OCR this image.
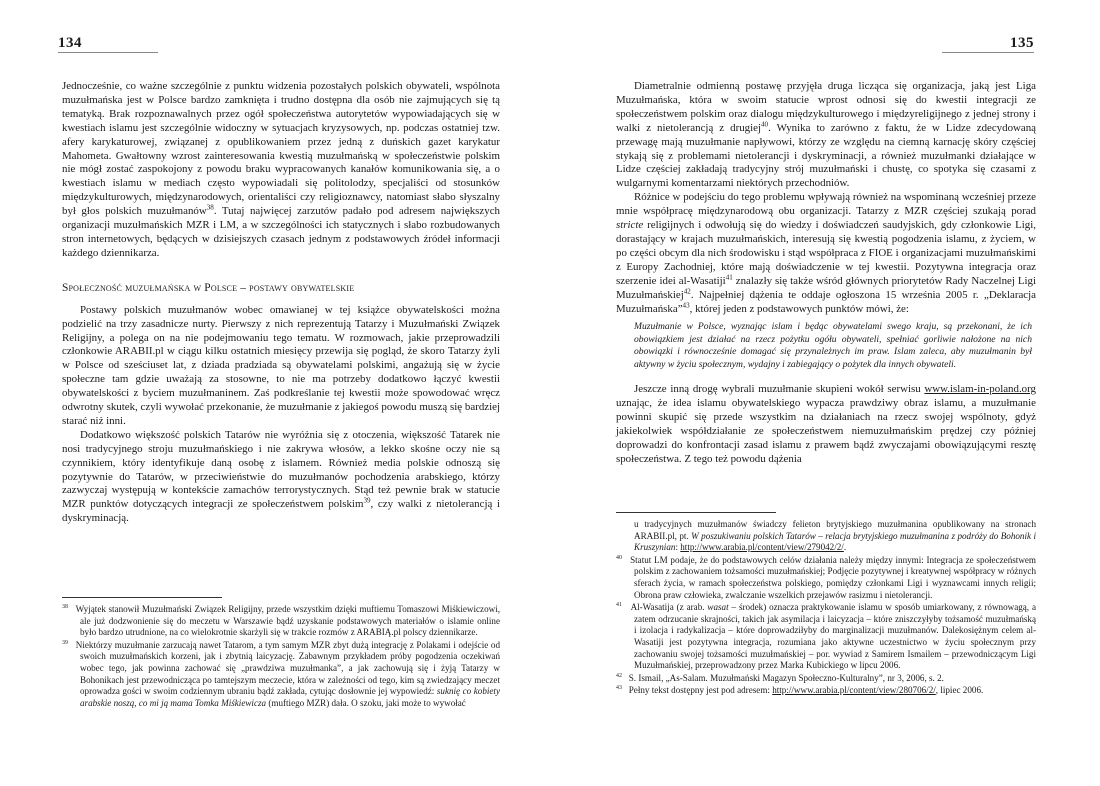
134

Jednocześnie, co ważne szczególnie z punktu widzenia pozostałych polskich obywateli, wspólnota muzułmańska jest w Polsce bardzo zamknięta i trudno dostępna dla osób nie zajmujących się tą tematyką. Brak rozpoznawalnych przez ogół społeczeństwa autorytetów wypowiadających się w kwestiach islamu jest szczególnie widoczny w sytuacjach kryzysowych, np. podczas ostatniej tzw. afery karykaturowej, związanej z opublikowaniem przez jedną z duńskich gazet karykatur Mahometa. Gwałtowny wzrost zainteresowania kwestią muzułmańską w społeczeństwie polskim nie mógł zostać zaspokojony z powodu braku wypracowanych kanałów komunikowania się, a o kwestiach islamu w mediach często wypowiadali się politolodzy, specjaliści od stosunków międzykulturowych, międzynarodowych, orientaliści czy religioznawcy, natomiast słabo słyszalny był głos polskich muzułmanów$^{38}$. Tutaj najwięcej zarzutów padało pod adresem największych organizacji muzułmańskich MZR i LM, a w szczególności ich statycznych i słabo rozbudowanych stron internetowych, będących w dzisiejszych czasach jednym z podstawowych źródeł informacji każdego dziennikarza.

Społeczność muzułmańska w Polsce – postawy obywatelskie

Postawy polskich muzułmanów wobec omawianej w tej książce obywatelskości można podzielić na trzy zasadnicze nurty. Pierwszy z nich reprezentują Tatarzy i Muzułmański Związek Religijny, a polega on na nie podejmowaniu tego tematu. W rozmowach, jakie przeprowadzili członkowie ARABII.pl w ciągu kilku ostatnich miesięcy przewija się pogląd, że skoro Tatarzy żyli w Polsce od sześciuset lat, z dziada pradziada są obywatelami polskimi, angażują się w życie społeczne tam gdzie uważają za stosowne, to nie ma potrzeby dodatkowo łączyć kwestii obywatelskości z byciem muzułmaninem. Zaś podkreślanie tej kwestii może spowodować wręcz odwrotny skutek, czyli wywołać przekonanie, że muzułmanie z jakiegoś powodu muszą się bardziej starać niż inni.

Dodatkowo większość polskich Tatarów nie wyróżnia się z otoczenia, większość Tatarek nie nosi tradycyjnego stroju muzułmańskiego i nie zakrywa włosów, a lekko skośne oczy nie są czynnikiem, który identyfikuje daną osobę z islamem. Również media polskie odnoszą się pozytywnie do Tatarów, w przeciwieństwie do muzułmanów pochodzenia arabskiego, którzy zazwyczaj występują w kontekście zamachów terrorystycznych. Stąd też pewnie brak w statucie MZR punktów dotyczących integracji ze społeczeństwem polskim$^{39}$, czy walki z nietolerancją i dyskryminacją.

$^{38}$ Wyjątek stanowił Muzułmański Związek Religijny, przede wszystkim dzięki muftiemu Tomaszowi Miśkiewiczowi, ale już dodzwonienie się do meczetu w Warszawie bądź uzyskanie podstawowych materiałów o islamie online było bardzo utrudnione, na co wielokrotnie skarżyli się w trakcie rozmów z ARABIĄ.pl polscy dziennikarze.

$^{39}$ Niektórzy muzułmanie zarzucają nawet Tatarom, a tym samym MZR zbyt dużą integrację z Polakami i odejście od swoich muzułmańskich korzeni, jak i zbytnią laicyzację. Zabawnym przykładem próby pogodzenia oczekiwań wobec tego, jak powinna zachować się „prawdziwa muzułmanka”, a jak zachowują się i żyją Tatarzy w Bohonikach jest przewodnicząca po tamtejszym meczecie, która w zależności od tego, kim są zwiedzający meczet oprowadza gości w swoim codziennym ubraniu bądź zakłada, cytując dosłownie jej wypowiedź: suknię co kobiety arabskie noszą, co mi ją mama Tomka Miśkiewicza (muftiego MZR) dała. O szoku, jaki może to wywołać

135

Diametralnie odmienną postawę przyjęła druga licząca się organizacja, jaką jest Liga Muzułmańska, która w swoim statucie wprost odnosi się do kwestii integracji ze społeczeństwem polskim oraz dialogu międzykulturowego i międzyreligijnego z jednej strony i walki z nietolerancją z drugiej$^{40}$. Wynika to zarówno z faktu, że w Lidze zdecydowaną przewagę mają muzułmanie napływowi, którzy ze względu na ciemną karnację skóry częściej stykają się z problemami nietolerancji i dyskryminacji, a również muzułmanki działające w Lidze częściej zakładają tradycyjny strój muzułmański i chustę, co spotyka się czasami z wulgarnymi komentarzami niektórych przechodniów.

Różnice w podejściu do tego problemu wpływają również na wspominaną wcześniej przeze mnie współpracę międzynarodową obu organizacji. Tatarzy z MZR częściej szukają porad stricte religijnych i odwołują się do wiedzy i doświadczeń saudyjskich, gdy członkowie Ligi, dorastający w krajach muzułmańskich, interesują się kwestią pogodzenia islamu, z życiem, w po części obcym dla nich środowisku i stąd współpraca z FIOE i organizacjami muzułmańskimi z Europy Zachodniej, które mają doświadczenie w tej kwestii. Pozytywna integracja oraz szerzenie idei al-Wasatiji$^{41}$ znalazły się także wśród głównych priorytetów Rady Naczelnej Ligi Muzułmańskiej$^{42}$. Najpełniej dążenia te oddaje ogłoszona 15 września 2005 r. „Deklaracja Muzułmańska”$^{43}$, której jeden z podstawowych punktów mówi, że:

Muzułmanie w Polsce, wyznając islam i będąc obywatelami swego kraju, są przekonani, że ich obowiązkiem jest działać na rzecz pożytku ogółu obywateli, spełniać gorliwie nałożone na nich obowiązki i równocześnie domagać się przynależnych im praw. Islam zaleca, aby muzułmanin był aktywny w życiu społecznym, wydajny i zabiegający o pożytek dla innych obywateli.

Jeszcze inną drogę wybrali muzułmanie skupieni wokół serwisu www.islam-in-poland.org uznając, że idea islamu obywatelskiego wypacza prawdziwy obraz islamu, a muzułmanie powinni skupić się przede wszystkim na działaniach na rzecz swojej wspólnoty, gdyż jakiekolwiek współdziałanie ze społeczeństwem niemuzułmańskim prędzej czy później doprowadzi do konfrontacji zasad islamu z prawem bądź zwyczajami obowiązującymi resztę społeczeństwa. Z tego też powodu dążenia

u tradycyjnych muzułmanów świadczy felieton brytyjskiego muzułmanina opublikowany na stronach ARABII.pl, pt. W poszukiwaniu polskich Tatarów – relacja brytyjskiego muzułmanina z podróży do Bohonik i Kruszynian: http://www.arabia.pl/content/view/279042/2/.

$^{40}$ Statut LM podaje, że do podstawowych celów działania należy między innymi: Integracja ze społeczeństwem polskim z zachowaniem tożsamości muzułmańskiej; Podjęcie pozytywnej i kreatywnej współpracy w różnych sferach życia, w ramach społeczeństwa polskiego, pomiędzy członkami Ligi i wyznawcami innych religii; Obrona praw człowieka, zwalczanie wszelkich przejawów rasizmu i nietolerancji.

$^{41}$ Al-Wasatija (z arab. wasat – środek) oznacza praktykowanie islamu w sposób umiarkowany, z równowagą, a zatem odrzucanie skrajności, takich jak asymilacja i laicyzacja – które zniszczyłyby tożsamość muzułmańską i izolacja i radykalizacja – które doprowadziłyby do marginalizacji muzułmanów. Dalekosiężnym celem al-Wasatiji jest pozytywna integracja, rozumiana jako aktywne uczestnictwo w życiu społecznym przy zachowaniu swojej tożsamości muzułmańskiej – por. wywiad z Samirem Ismailem – przewodniczącym Ligi Muzułmańskiej, przeprowadzony przez Marka Kubickiego w lipcu 2006.

$^{42}$ S. Ismail, „As-Salam. Muzułmański Magazyn Społeczno-Kulturalny”, nr 3, 2006, s. 2.

$^{43}$ Pełny tekst dostępny jest pod adresem: http://www.arabia.pl/content/view/280706/2/, lipiec 2006.
